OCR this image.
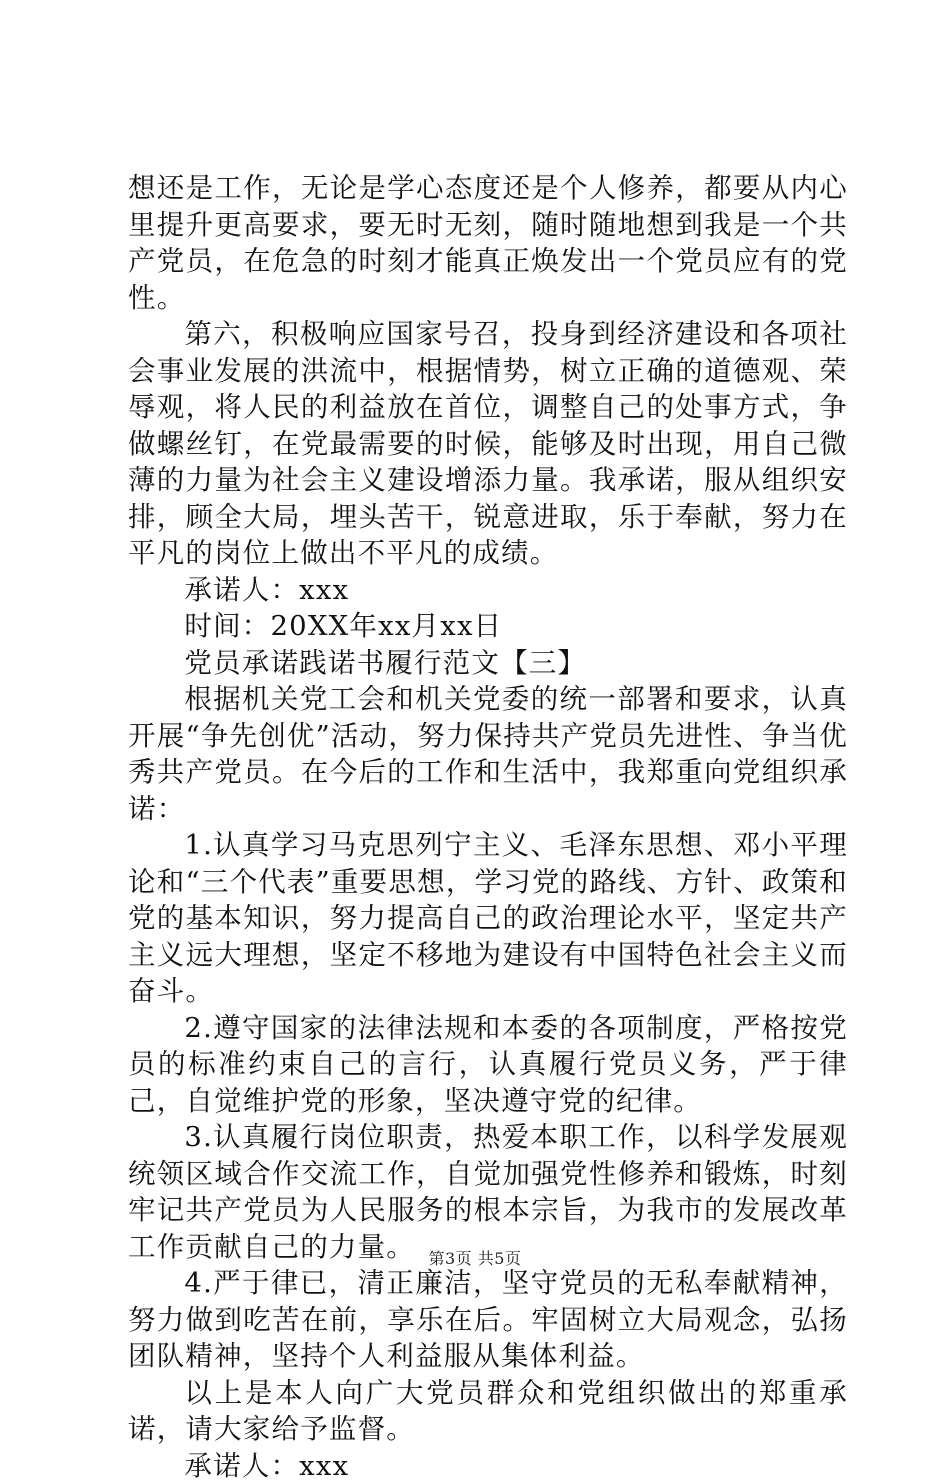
想还是工作，无论是学心态度还是个人修养，都要从内心里提升更高要求，要无时无刻，随时随地想到我是一个共产党员，在危急的时刻才能真正焕发出一个党员应有的党性。

第六，积极响应国家号召，投身到经济建设和各项社会事业发展的洪流中，根据情势，树立正确的道德观、荣辱观，将人民的利益放在首位，调整自己的处事方式，争做螺丝钉，在党最需要的时候，能够及时出现，用自己微薄的力量为社会主义建设增添力量。我承诺，服从组织安排，顾全大局，埋头苦干，锐意进取，乐于奉献，努力在平凡的岗位上做出不平凡的成绩。

承诺人：xxx

时间：20XX年xx月xx日

党员承诺践诺书履行范文【三】

根据机关党工会和机关党委的统一部署和要求，认真开展“争先创优”活动，努力保持共产党员先进性、争当优秀共产党员。在今后的工作和生活中，我郑重向党组织承诺：

1.认真学习马克思列宁主义、毛泽东思想、邓小平理论和“三个代表”重要思想，学习党的路线、方针、政策和党的基本知识，努力提高自己的政治理论水平，坚定共产主义远大理想，坚定不移地为建设有中国特色社会主义而奋斗。

2.遵守国家的法律法规和本委的各项制度，严格按党员的标准约束自己的言行，认真履行党员义务，严于律己，自觉维护党的形象，坚决遵守党的纪律。

3.认真履行岗位职责，热爱本职工作，以科学发展观统领区域合作交流工作，自觉加强党性修养和锻炼，时刻牢记共产党员为人民服务的根本宗旨，为我市的发展改革工作贡献自己的力量。

4.严于律已，清正廉洁，坚守党员的无私奉献精神，努力做到吃苦在前，享乐在后。牢固树立大局观念，弘扬团队精神，坚持个人利益服从集体利益。

以上是本人向广大党员群众和党组织做出的郑重承诺，请大家给予监督。

承诺人：xxx

第3页 共5页
